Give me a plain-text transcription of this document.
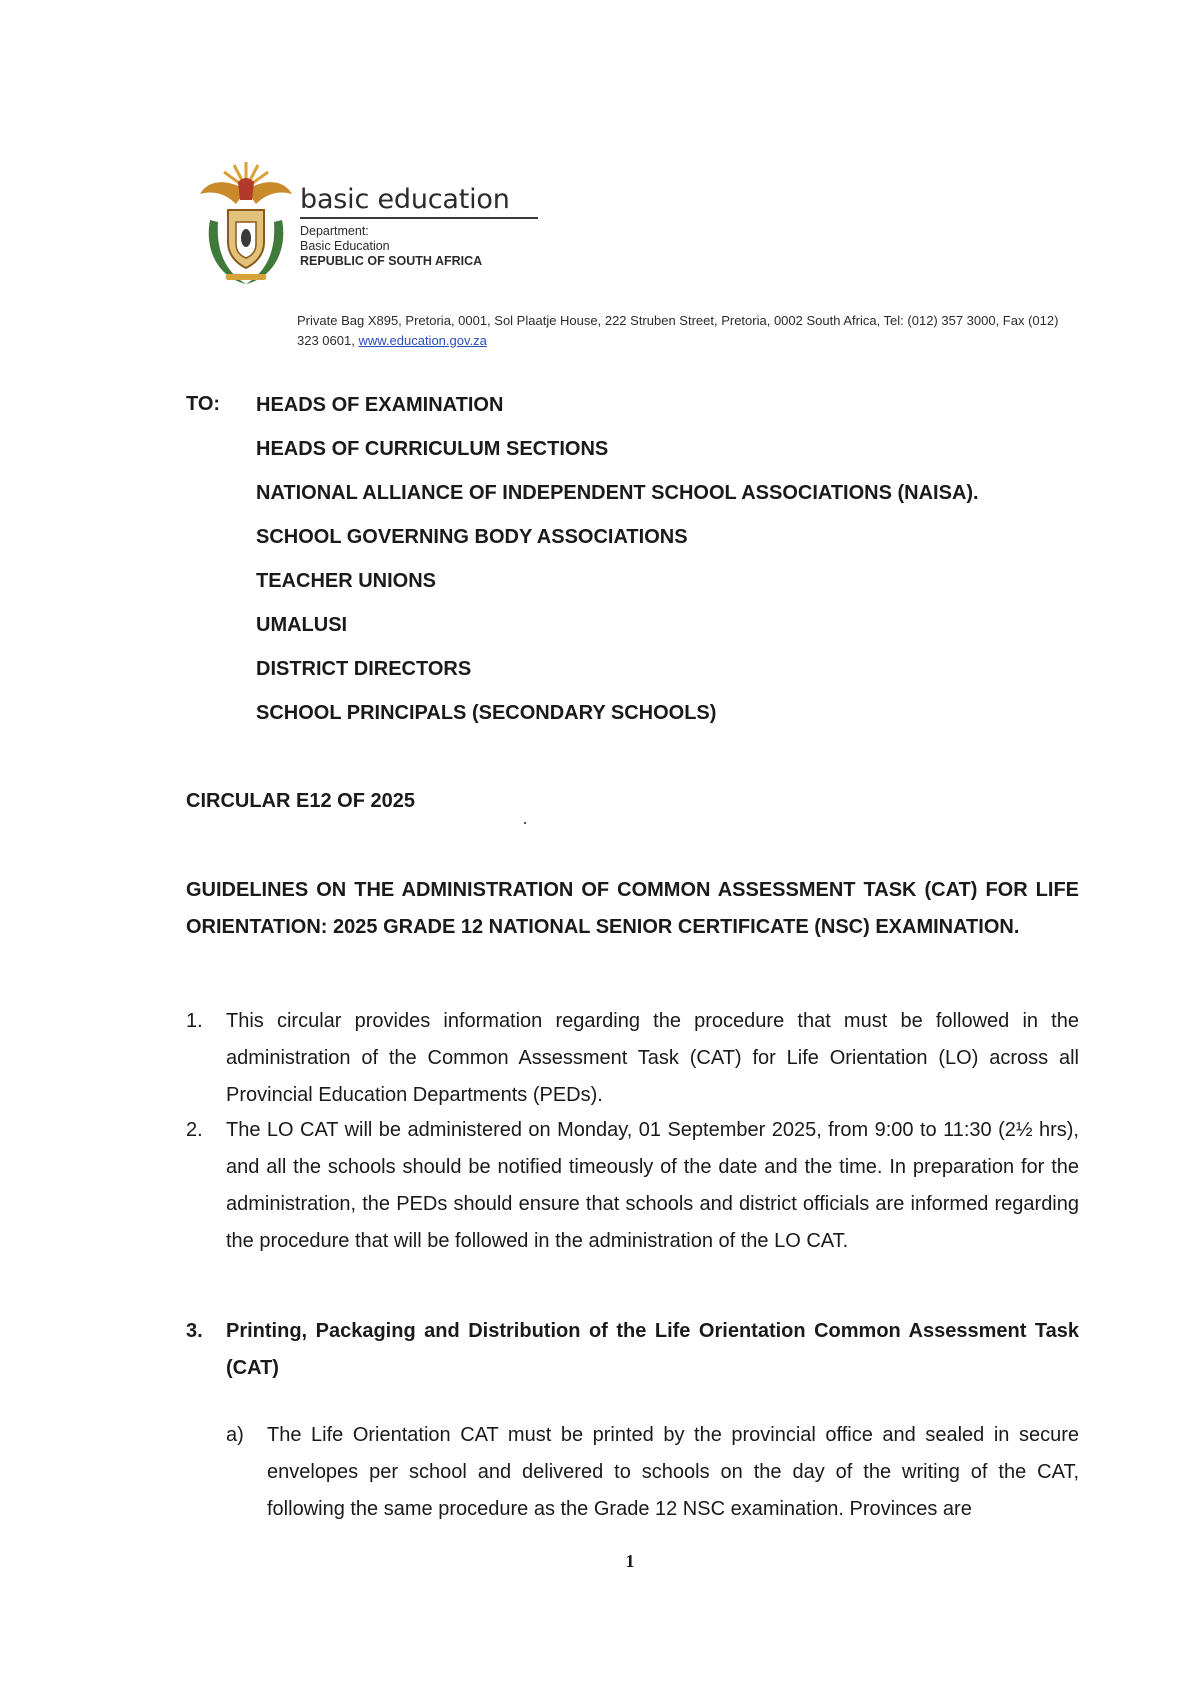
basic education
Department:
Basic Education
REPUBLIC OF SOUTH AFRICA
Private Bag X895, Pretoria, 0001, Sol Plaatje House, 222 Struben Street, Pretoria, 0002 South Africa, Tel: (012) 357 3000, Fax (012) 323 0601, www.education.gov.za
TO: HEADS OF EXAMINATION
HEADS OF CURRICULUM SECTIONS
NATIONAL ALLIANCE OF INDEPENDENT SCHOOL ASSOCIATIONS (NAISA).
SCHOOL GOVERNING BODY ASSOCIATIONS
TEACHER UNIONS
UMALUSI
DISTRICT DIRECTORS
SCHOOL PRINCIPALS (SECONDARY SCHOOLS)
CIRCULAR E12 OF 2025
GUIDELINES ON THE ADMINISTRATION OF COMMON ASSESSMENT TASK (CAT) FOR LIFE ORIENTATION: 2025 GRADE 12 NATIONAL SENIOR CERTIFICATE (NSC) EXAMINATION.
1. This circular provides information regarding the procedure that must be followed in the administration of the Common Assessment Task (CAT) for Life Orientation (LO) across all Provincial Education Departments (PEDs).
2. The LO CAT will be administered on Monday, 01 September 2025, from 9:00 to 11:30 (2½ hrs), and all the schools should be notified timeously of the date and the time. In preparation for the administration, the PEDs should ensure that schools and district officials are informed regarding the procedure that will be followed in the administration of the LO CAT.
3. Printing, Packaging and Distribution of the Life Orientation Common Assessment Task (CAT)
a) The Life Orientation CAT must be printed by the provincial office and sealed in secure envelopes per school and delivered to schools on the day of the writing of the CAT, following the same procedure as the Grade 12 NSC examination. Provinces are
1
